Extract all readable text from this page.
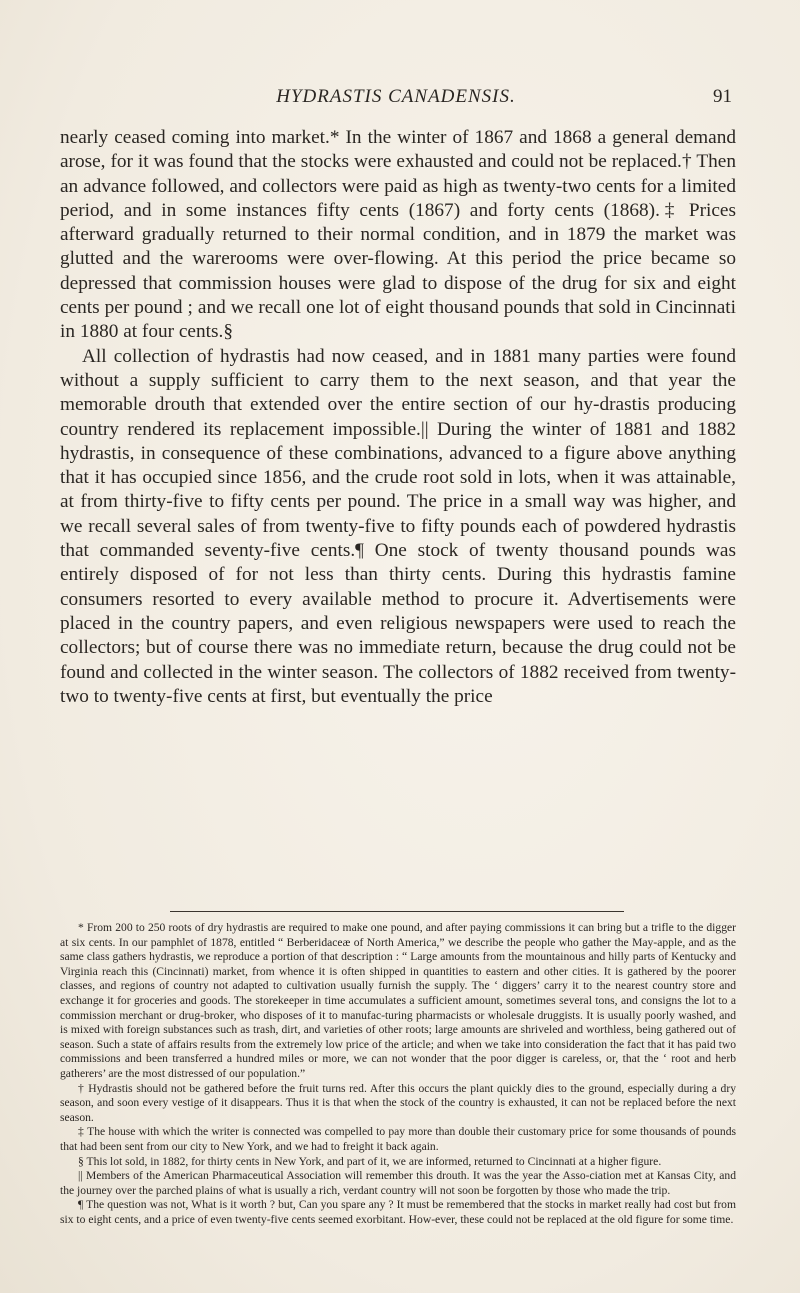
HYDRASTIS CANADENSIS.	91

nearly ceased coming into market.* In the winter of 1867 and 1868 a general demand arose, for it was found that the stocks were exhausted and could not be replaced.† Then an advance followed, and collectors were paid as high as twenty-two cents for a limited period, and in some instances fifty cents (1867) and forty cents (1868).‡ Prices afterward gradually returned to their normal condition, and in 1879 the market was glutted and the warerooms were over-flowing. At this period the price became so depressed that commission houses were glad to dispose of the drug for six and eight cents per pound ; and we recall one lot of eight thousand pounds that sold in Cincinnati in 1880 at four cents.§

All collection of hydrastis had now ceased, and in 1881 many parties were found without a supply sufficient to carry them to the next season, and that year the memorable drouth that extended over the entire section of our hy-drastis producing country rendered its replacement impossible.|| During the winter of 1881 and 1882 hydrastis, in consequence of these combinations, advanced to a figure above anything that it has occupied since 1856, and the crude root sold in lots, when it was attainable, at from thirty-five to fifty cents per pound. The price in a small way was higher, and we recall several sales of from twenty-five to fifty pounds each of powdered hydrastis that commanded seventy-five cents.¶ One stock of twenty thousand pounds was entirely disposed of for not less than thirty cents. During this hydrastis famine consumers resorted to every available method to procure it. Advertisements were placed in the country papers, and even religious newspapers were used to reach the collectors; but of course there was no immediate return, because the drug could not be found and collected in the winter season. The collectors of 1882 received from twenty-two to twenty-five cents at first, but eventually the price

* From 200 to 250 roots of dry hydrastis are required to make one pound, and after paying commissions it can bring but a trifle to the digger at six cents. In our pamphlet of 1878, entitled “ Berberidaceæ of North America,” we describe the people who gather the May-apple, and as the same class gathers hydrastis, we reproduce a portion of that description : “ Large amounts from the mountainous and hilly parts of Kentucky and Virginia reach this (Cincinnati) market, from whence it is often shipped in quantities to eastern and other cities. It is gathered by the poorer classes, and regions of country not adapted to cultivation usually furnish the supply. The ‘ diggers’ carry it to the nearest country store and exchange it for groceries and goods. The storekeeper in time accumulates a sufficient amount, sometimes several tons, and consigns the lot to a commission merchant or drug-broker, who disposes of it to manufac-turing pharmacists or wholesale druggists. It is usually poorly washed, and is mixed with foreign substances such as trash, dirt, and varieties of other roots; large amounts are shriveled and worthless, being gathered out of season. Such a state of affairs results from the extremely low price of the article; and when we take into consideration the fact that it has paid two commissions and been transferred a hundred miles or more, we can not wonder that the poor digger is careless, or, that the ‘ root and herb gatherers’ are the most distressed of our population.”

† Hydrastis should not be gathered before the fruit turns red. After this occurs the plant quickly dies to the ground, especially during a dry season, and soon every vestige of it disappears. Thus it is that when the stock of the country is exhausted, it can not be replaced before the next season.

‡ The house with which the writer is connected was compelled to pay more than double their customary price for some thousands of pounds that had been sent from our city to New York, and we had to freight it back again.

§ This lot sold, in 1882, for thirty cents in New York, and part of it, we are informed, returned to Cincinnati at a higher figure.

|| Members of the American Pharmaceutical Association will remember this drouth. It was the year the Asso-ciation met at Kansas City, and the journey over the parched plains of what is usually a rich, verdant country will not soon be forgotten by those who made the trip.

¶ The question was not, What is it worth ? but, Can you spare any ? It must be remembered that the stocks in market really had cost but from six to eight cents, and a price of even twenty-five cents seemed exorbitant. How-ever, these could not be replaced at the old figure for some time.
